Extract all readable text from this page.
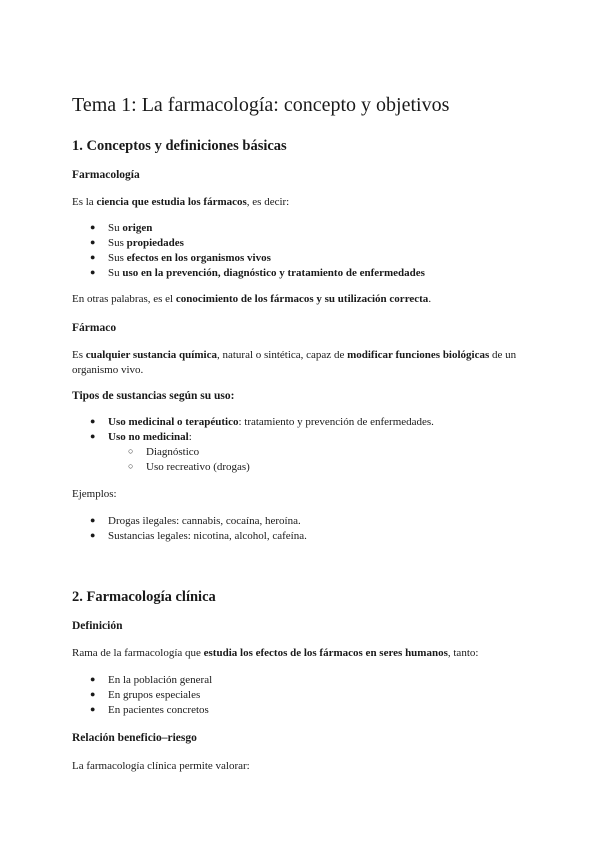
Tema 1: La farmacología: concepto y objetivos
1. Conceptos y definiciones básicas
Farmacología

Es la ciencia que estudia los fármacos, es decir:

● Su origen
● Sus propiedades
● Sus efectos en los organismos vivos
● Su uso en la prevención, diagnóstico y tratamiento de enfermedades

En otras palabras, es el conocimiento de los fármacos y su utilización correcta.

Fármaco

Es cualquier sustancia química, natural o sintética, capaz de modificar funciones biológicas de un organismo vivo.

Tipos de sustancias según su uso:
● Uso medicinal o terapéutico: tratamiento y prevención de enfermedades.
● Uso no medicinal:
○ Diagnóstico
○ Uso recreativo (drogas)

Ejemplos:

● Drogas ilegales: cannabis, cocaína, heroína.
● Sustancias legales: nicotina, alcohol, cafeína.
2. Farmacología clínica
Definición

Rama de la farmacología que estudia los efectos de los fármacos en seres humanos, tanto:

● En la población general
● En grupos especiales
● En pacientes concretos
Relación beneficio–riesgo

La farmacología clínica permite valorar:
